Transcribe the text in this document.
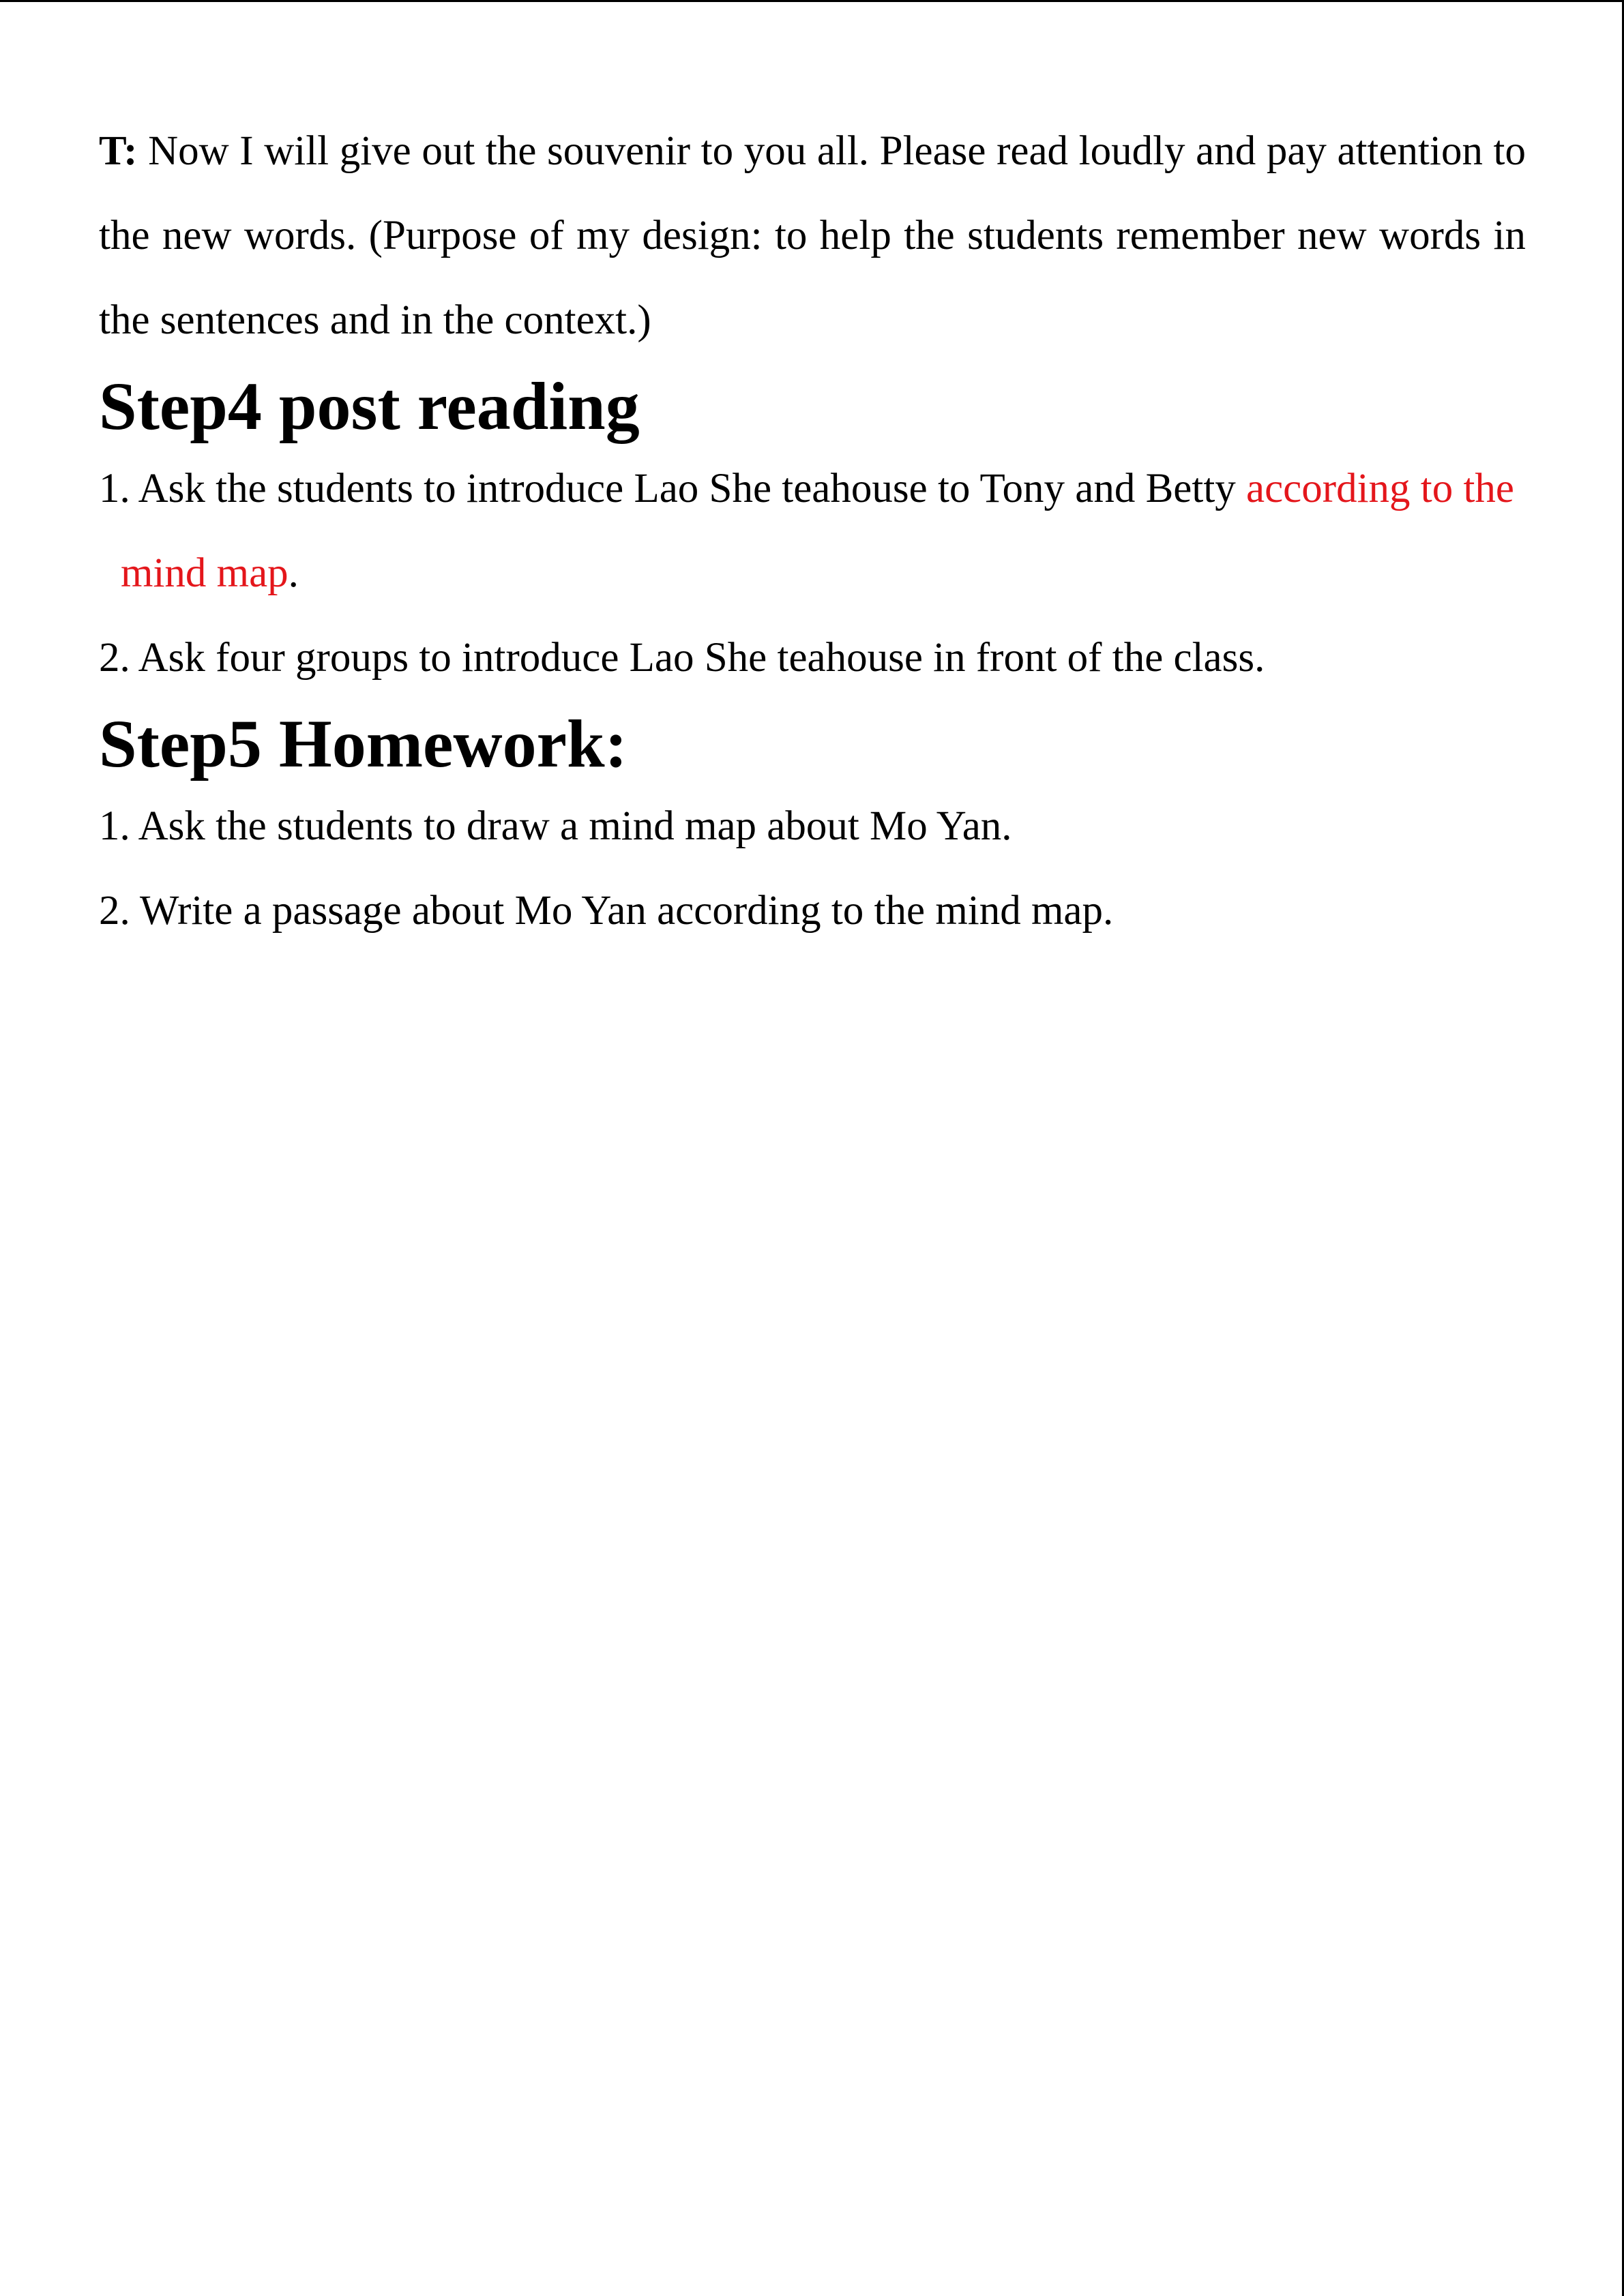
T: Now I will give out the souvenir to you all. Please read loudly and pay attention to the new words. (Purpose of my design: to help the students remember new words in the sentences and in the context.)

Step4 post reading

1. Ask the students to introduce Lao She teahouse to Tony and Betty according to the mind map.

2. Ask four groups to introduce Lao She teahouse in front of the class.

Step5 Homework:

1. Ask the students to draw a mind map about Mo Yan.

2. Write a passage about Mo Yan according to the mind map.
